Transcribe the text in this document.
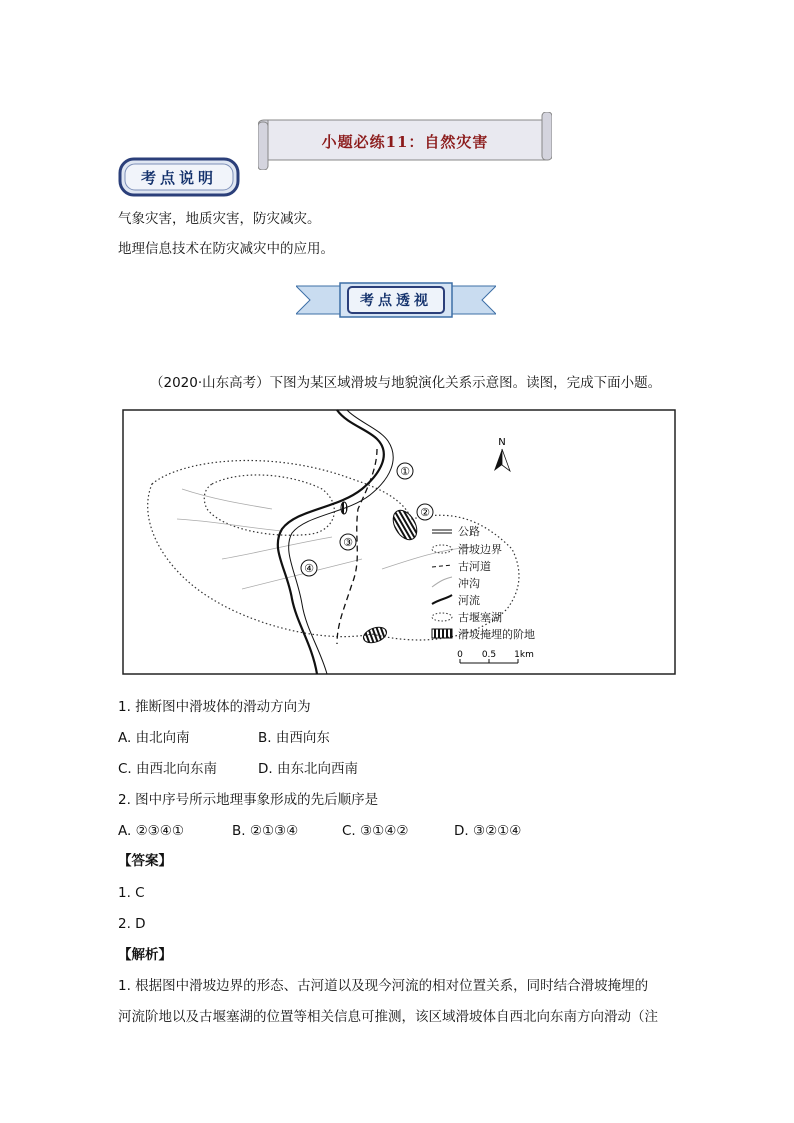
小题必练11：自然灾害
考点说明
气象灾害，地质灾害，防灾减灾。
地理信息技术在防灾减灾中的应用。
考点透视
（2020·山东高考）下图为某区域滑坡与地貌演化关系示意图。读图，完成下面小题。
①
②
③
④
N
公路
滑坡边界
古河道
冲沟
河流
古堰塞湖
滑坡掩埋的阶地
0 0.5 1km
1. 推断图中滑坡体的滑动方向为
A. 由北向南	B. 由西向东
C. 由西北向东南	D. 由东北向西南
2. 图中序号所示地理事象形成的先后顺序是
A. ②③④①	B. ②①③④	C. ③①④②	D. ③②①④
【答案】
1. C
2. D
【解析】
1. 根据图中滑坡边界的形态、古河道以及现今河流的相对位置关系，同时结合滑坡掩埋的
河流阶地以及古堰塞湖的位置等相关信息可推测，该区域滑坡体自西北向东南方向滑动（注
